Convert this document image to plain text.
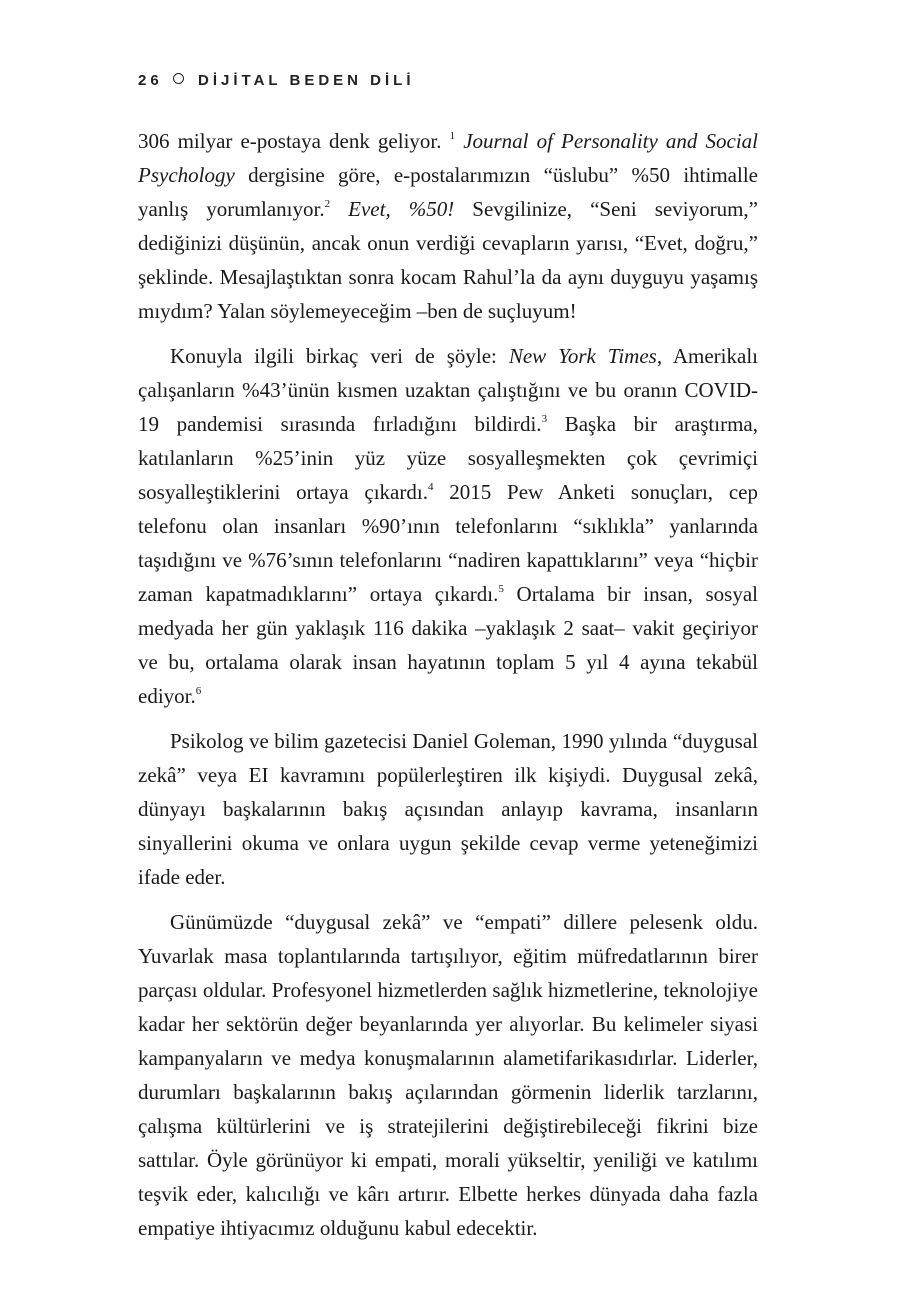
26 DİJİTAL BEDEN DİLİ

306 milyar e-postaya denk geliyor. $^1$ Journal of Personality and Social Psychology dergisine göre, e-postalarımızın “üslubu” %50 ihtimalle yanlış yorumlanıyor.$^2$ Evet, %50! Sevgilinize, “Seni seviyorum,” dediğinizi düşünün, ancak onun verdiği cevapların yarısı, “Evet, doğru,” şeklinde. Mesajlaştıktan sonra kocam Rahul’la da aynı duyguyu yaşamış mıydım? Yalan söylemeyeceğim –ben de suçluyum!

Konuyla ilgili birkaç veri de şöyle: New York Times, Amerikalı çalışanların %43’ünün kısmen uzaktan çalıştığını ve bu oranın COVID-19 pandemisi sırasında fırladığını bildirdi.$^3$ Başka bir araştırma, katılanların %25’inin yüz yüze sosyalleşmekten çok çevrimiçi sosyalleştiklerini ortaya çıkardı.$^4$ 2015 Pew Anketi sonuçları, cep telefonu olan insanları %90’ının telefonlarını “sıklıkla” yanlarında taşıdığını ve %76’sının telefonlarını “nadiren kapattıklarını” veya “hiçbir zaman kapatmadıklarını” ortaya çıkardı.$^5$ Ortalama bir insan, sosyal medyada her gün yaklaşık 116 dakika –yaklaşık 2 saat– vakit geçiriyor ve bu, ortalama olarak insan hayatının toplam 5 yıl 4 ayına tekabül ediyor.$^6$

Psikolog ve bilim gazetecisi Daniel Goleman, 1990 yılında “duygusal zekâ” veya EI kavramını popülerleştiren ilk kişiydi. Duygusal zekâ, dünyayı başkalarının bakış açısından anlayıp kavrama, insanların sinyallerini okuma ve onlara uygun şekilde cevap verme yeteneğimizi ifade eder.

Günümüzde “duygusal zekâ” ve “empati” dillere pelesenk oldu. Yuvarlak masa toplantılarında tartışılıyor, eğitim müfredatlarının birer parçası oldular. Profesyonel hizmetlerden sağlık hizmetlerine, teknolojiye kadar her sektörün değer beyanlarında yer alıyorlar. Bu kelimeler siyasi kampanyaların ve medya konuşmalarının alametifarikasıdırlar. Liderler, durumları başkalarının bakış açılarından görmenin liderlik tarzlarını, çalışma kültürlerini ve iş stratejilerini değiştirebileceği fikrini bize sattılar. Öyle görünüyor ki empati, morali yükseltir, yeniliği ve katılımı teşvik eder, kalıcılığı ve kârı artırır. Elbette herkes dünyada daha fazla empatiye ihtiyacımız olduğunu kabul edecektir.
